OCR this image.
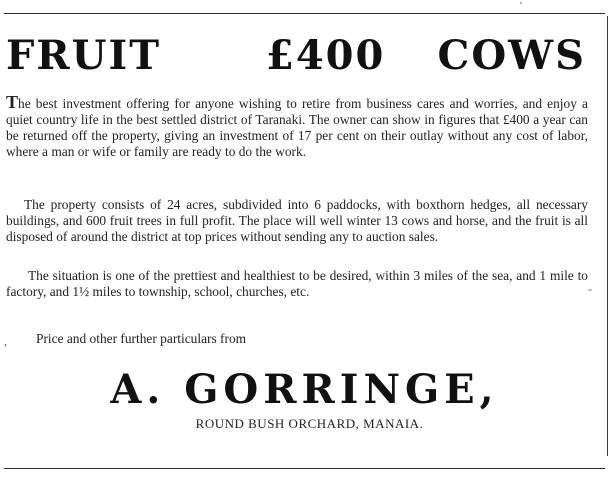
'
FRUIT	£400 COWS
The best investment offering for anyone wishing to retire from business cares and worries, and enjoy a quiet country life in the best settled district of Taranaki. The owner can show in figures that £400 a year can be returned off the property, giving an investment of 17 per cent on their outlay without any cost of labor, where a man or wife or family are ready to do the work.
The property consists of 24 acres, subdivided into 6 paddocks, with boxthorn hedges, all necessary buildings, and 600 fruit trees in full profit. The place will well winter 13 cows and horse, and the fruit is all disposed of around the district at top prices without sending any to auction sales.
The situation is one of the prettiest and healthiest to be desired, within 3 miles of the sea, and 1 mile to factory, and 1½ miles to township, school, churches, etc.
Price and other further particulars from
-
,
A. GORRINGE,
ROUND BUSH ORCHARD, MANAIA.
